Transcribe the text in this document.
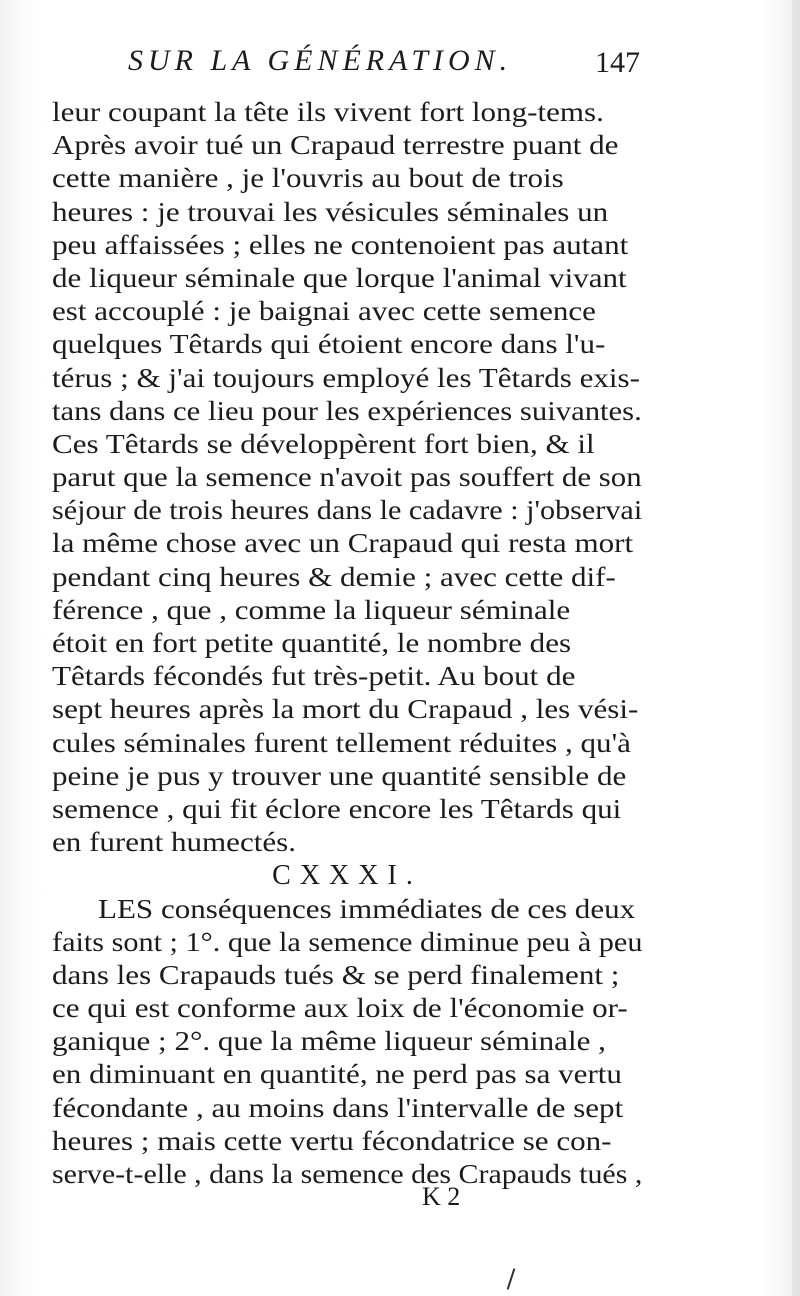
SUR LA GÉNÉRATION.	147
leur coupant la tête ils vivent fort long-tems.
Après avoir tué un Crapaud terrestre puant de
cette manière , je l'ouvris au bout de trois
heures : je trouvai les vésicules séminales un
peu affaissées ; elles ne contenoient pas autant
de liqueur séminale que lorque l'animal vivant
est accouplé : je baignai avec cette semence
quelques Têtards qui étoient encore dans l'u-
térus ; & j'ai toujours employé les Têtards exis-
tans dans ce lieu pour les expériences suivantes.
Ces Têtards se développèrent fort bien, & il
parut que la semence n'avoit pas souffert de son
séjour de trois heures dans le cadavre : j'observai
la même chose avec un Crapaud qui resta mort
pendant cinq heures & demie ; avec cette dif-
férence , que , comme la liqueur séminale
étoit en fort petite quantité, le nombre des
Têtards fécondés fut très-petit. Au bout de
sept heures après la mort du Crapaud , les vési-
cules séminales furent tellement réduites , qu'à
peine je pus y trouver une quantité sensible de
semence , qui fit éclore encore les Têtards qui
en furent humectés.
CXXXI.
LES conséquences immédiates de ces deux
faits sont ; 1°. que la semence diminue peu à peu
dans les Crapauds tués & se perd finalement ;
ce qui est conforme aux loix de l'économie or-
ganique ; 2°. que la même liqueur séminale ,
en diminuant en quantité, ne perd pas sa vertu
fécondante , au moins dans l'intervalle de sept
heures ; mais cette vertu fécondatrice se con-
serve-t-elle , dans la semence des Crapauds tués ,
K 2
